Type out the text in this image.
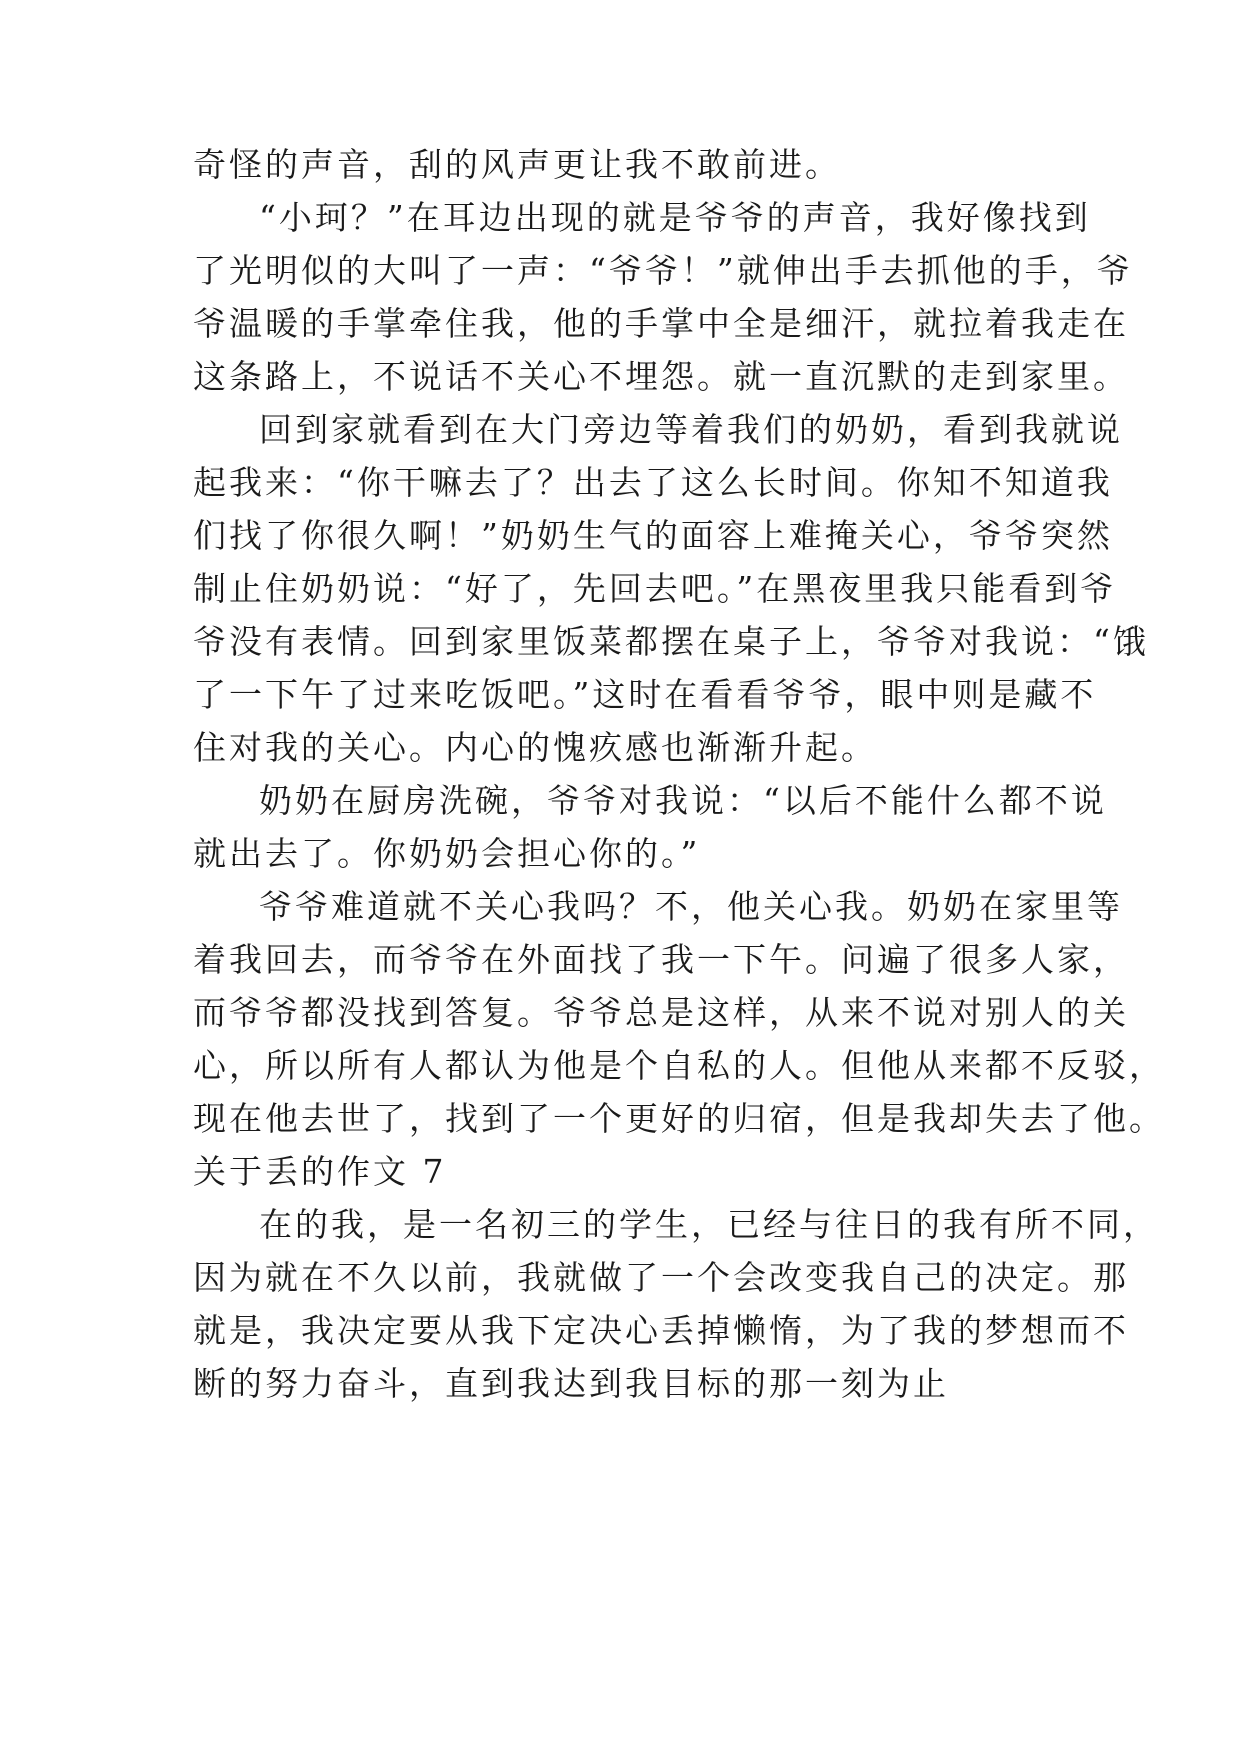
奇怪的声音，刮的风声更让我不敢前进。
“小珂？”在耳边出现的就是爷爷的声音，我好像找到
了光明似的大叫了一声：“爷爷！”就伸出手去抓他的手，爷
爷温暖的手掌牵住我，他的手掌中全是细汗，就拉着我走在
这条路上，不说话不关心不埋怨。就一直沉默的走到家里。
回到家就看到在大门旁边等着我们的奶奶，看到我就说
起我来：“你干嘛去了？出去了这么长时间。你知不知道我
们找了你很久啊！”奶奶生气的面容上难掩关心，爷爷突然
制止住奶奶说：“好了，先回去吧。”在黑夜里我只能看到爷
爷没有表情。回到家里饭菜都摆在桌子上，爷爷对我说：“饿
了一下午了过来吃饭吧。”这时在看看爷爷，眼中则是藏不
住对我的关心。内心的愧疚感也渐渐升起。
奶奶在厨房洗碗，爷爷对我说：“以后不能什么都不说
就出去了。你奶奶会担心你的。”
爷爷难道就不关心我吗？不，他关心我。奶奶在家里等
着我回去，而爷爷在外面找了我一下午。问遍了很多人家，
而爷爷都没找到答复。爷爷总是这样，从来不说对别人的关
心，所以所有人都认为他是个自私的人。但他从来都不反驳，
现在他去世了，找到了一个更好的归宿，但是我却失去了他。
关于丢的作文 7
在的我，是一名初三的学生，已经与往日的我有所不同，
因为就在不久以前，我就做了一个会改变我自己的决定。那
就是，我决定要从我下定决心丢掉懒惰，为了我的梦想而不
断的努力奋斗，直到我达到我目标的那一刻为止
